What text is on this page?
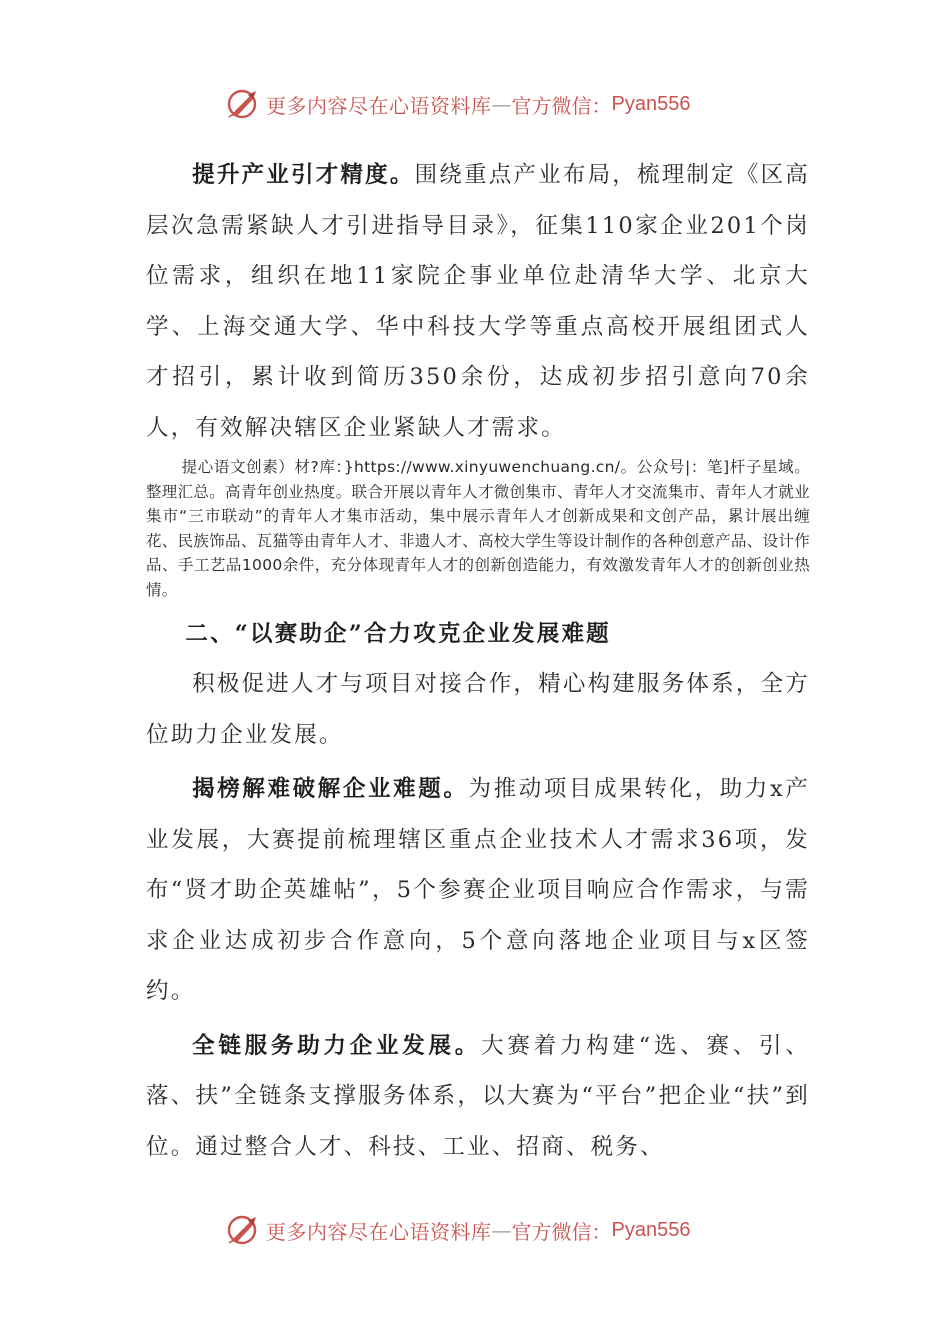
更多内容尽在心语资料库 — 官方微信： Pyan556

提升产业引才精度。围绕重点产业布局，梳理制定《区高层次急需紧缺人才引进指导目录》，征集110家企业201个岗位需求，组织在地11家院企事业单位赴清华大学、北京大学、上海交通大学、华中科技大学等重点高校开展组团式人才招引，累计收到简历350余份，达成初步招引意向70余人，有效解决辖区企业紧缺人才需求。

提心语文创素）材?库：}https://www.xinyuwenchuang.cn/。公众号|：笔]杆子星域。整理汇总。高青年创业热度。联合开展以青年人才微创集市、青年人才交流集市、青年人才就业集市“三市联动”的青年人才集市活动，集中展示青年人才创新成果和文创产品，累计展出缠花、民族饰品、瓦猫等由青年人才、非遗人才、高校大学生等设计制作的各种创意产品、设计作品、手工艺品1000余件，充分体现青年人才的创新创造能力，有效激发青年人才的创新创业热情。

二、“以赛助企”合力攻克企业发展难题

积极促进人才与项目对接合作，精心构建服务体系，全方位助力企业发展。

揭榜解难破解企业难题。为推动项目成果转化，助力x产业发展，大赛提前梳理辖区重点企业技术人才需求36项，发布“贤才助企英雄帖”，5个参赛企业项目响应合作需求，与需求企业达成初步合作意向，5个意向落地企业项目与x区签约。

全链服务助力企业发展。大赛着力构建“选、赛、引、落、扶”全链条支撑服务体系，以大赛为“平台”把企业“扶”到位。通过整合人才、科技、工业、招商、税务、

更多内容尽在心语资料库 — 官方微信： Pyan556
